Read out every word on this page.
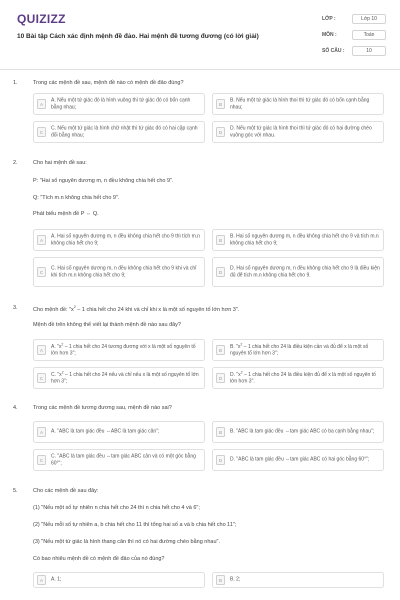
QUIZIZZ
10 Bài tập Cách xác định mệnh đề đảo. Hai mệnh đề tương đương (có lời giải)
LỚP :	Lớp 10
MÔN :	Toán
SỐ CÂU :	10
1.	Trong các mệnh đề sau, mệnh đề nào có mệnh đề đảo đúng?
A
A. Nếu một tứ giác đó là hình vuông thì tứ giác đó có bốn cạnh bằng nhau;	B
B. Nếu một tứ giác là hình thoi thì tứ giác đó có bốn cạnh bằng nhau;
C
C. Nếu một tứ giác là hình chữ nhật thì tứ giác đó có hai cặp cạnh đối bằng nhau;	D
D. Nếu một tứ giác là hình thoi thì tứ giác đó có hai đường chéo vuông góc với nhau.
2.	Cho hai mệnh đề sau:
P: "Hai số nguyên dương m, n đều không chia hết cho 9".
Q: "Tích m.n không chia hết cho 9".
Phát biểu mệnh đề P ⇔ Q.
A
A. Hai số nguyên dương m, n đều không chia hết cho 9 thì tích m.n không chia hết cho 9;	B
B. Hai số nguyên dương m, n đều không chia hết cho 9 và tích m.n không chia hết cho 9;
C
C. Hai số nguyên dương m, n đều không chia hết cho 9 khi và chỉ khi tích m.n không chia hết cho 9;	D
D. Hai số nguyên dương m, n đều không chia hết cho 9 là điều kiện đủ để tích m.n không chia hết cho 9.
3.	Cho mệnh đề: "$x^2 - 1$ chia hết cho 24 khi và chỉ khi x là một số nguyên tố lớn hơn 3".
Mệnh đề trên không thể viết lại thành mệnh đề nào sau đây?
A
A. "$x^2 - 1$ chia hết cho 24 tương đương với x là một số nguyên tố lớn hơn 3";
B
B. "$x^2 - 1$ chia hết cho 24 là điều kiện cần và đủ để x là một số nguyên tố lớn hơn 3";
C
C. "$x^2 - 1$ chia hết cho 24 nếu và chỉ nếu x là một số nguyên tố lớn hơn 3";
D
D. "$x^2 - 1$ chia hết cho 24 là điều kiện đủ để x là một số nguyên tố lớn hơn 3".
4.	Trong các mệnh đề tương đương sau, mệnh đề nào sai?
A	A. "ABC là tam giác đều ⇔ABC là tam giác cân";	B	B. "ABC là tam giác đều ⇔tam giác ABC có ba cạnh bằng nhau";
C
C. "ABC là tam giác đều ⇔tam giác ABC cân và có một góc bằng 60°";	D	D. "ABC là tam giác đều ⇔tam giác ABC có hai góc bằng 60°";
5.	Cho các mệnh đề sau đây:
(1) "Nếu một số tự nhiên n chia hết cho 24 thì n chia hết cho 4 và 6";
(2) "Nếu mỗi số tự nhiên a, b chia hết cho 11 thì tổng hai số a và b chia hết cho 11";
(3) "Nếu một tứ giác là hình thang cân thì nó có hai đường chéo bằng nhau".
Có bao nhiêu mệnh đề có mệnh đề đảo của nó đúng?
A	A. 1;	B	B. 2;
